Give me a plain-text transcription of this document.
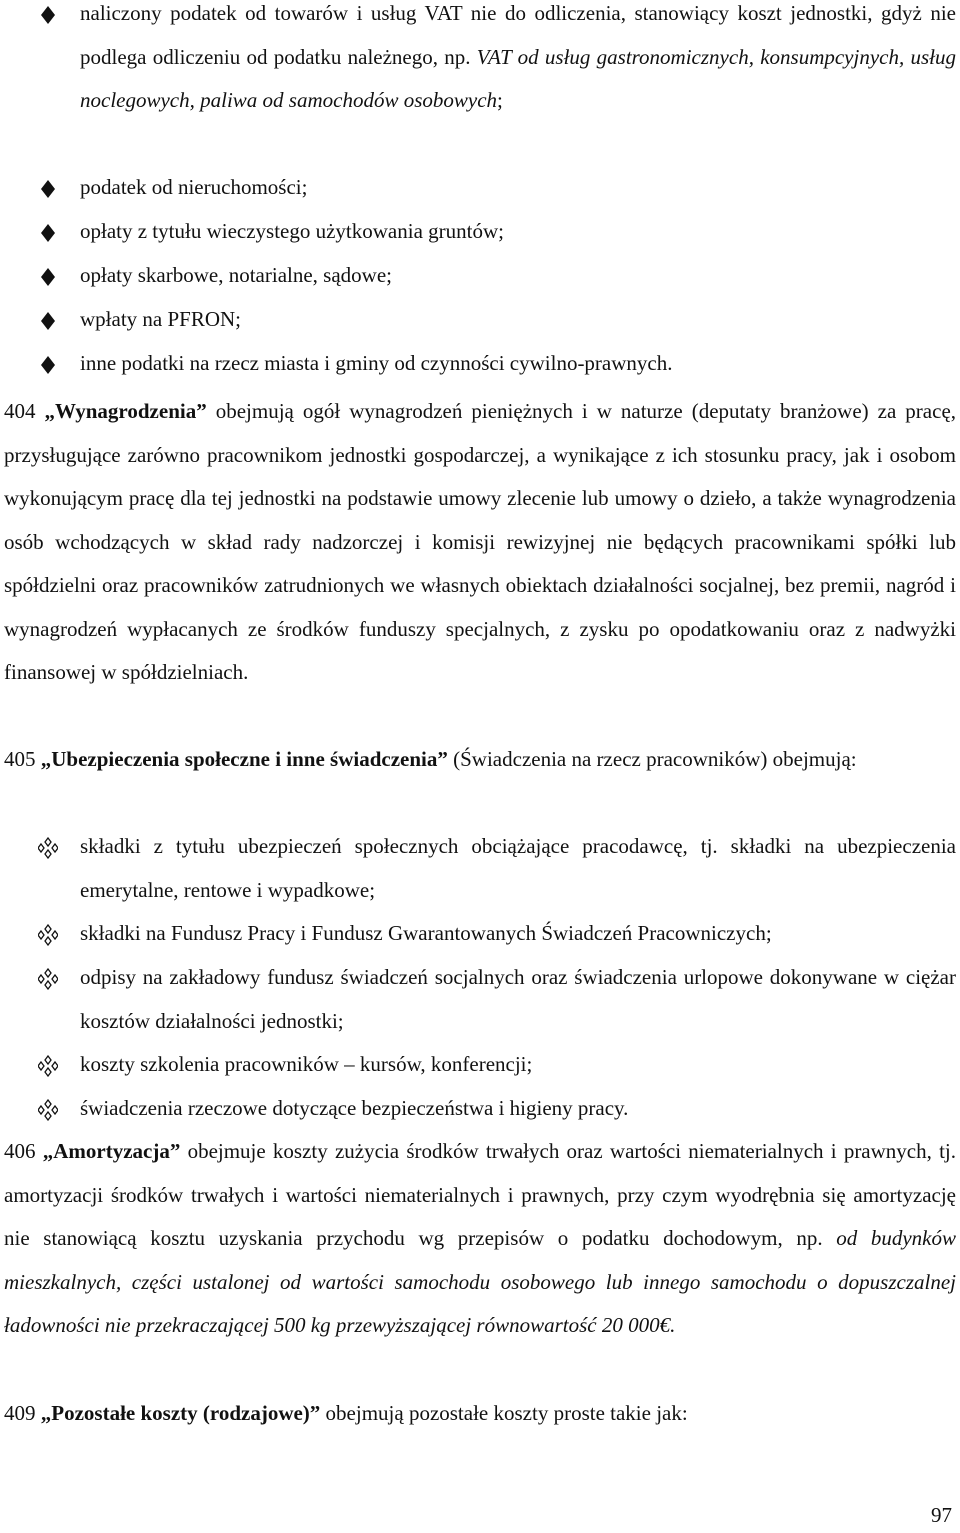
naliczony podatek od towarów i usług VAT nie do odliczenia, stanowiący koszt jednostki, gdyż nie podlega odliczeniu od podatku należnego, np. VAT od usług gastronomicznych, konsumpcyjnych, usług noclegowych, paliwa od samochodów osobowych;

podatek od nieruchomości;

opłaty z tytułu wieczystego użytkowania gruntów;

opłaty skarbowe, notarialne, sądowe;

wpłaty na PFRON;

inne podatki na rzecz miasta i gminy od czynności cywilno-prawnych.

404 „Wynagrodzenia” obejmują ogół wynagrodzeń pieniężnych i w naturze (deputaty branżowe) za pracę, przysługujące zarówno pracownikom jednostki gospodarczej, a wynikające z ich stosunku pracy, jak i osobom wykonującym pracę dla tej jednostki na podstawie umowy zlecenie lub umowy o dzieło, a także wynagrodzenia osób wchodzących w skład rady nadzorczej i komisji rewizyjnej nie będących pracownikami spółki lub spółdzielni oraz pracowników zatrudnionych we własnych obiektach działalności socjalnej, bez premii, nagród i wynagrodzeń wypłacanych ze środków funduszy specjalnych, z zysku po opodatkowaniu oraz z nadwyżki finansowej w spółdzielniach.

405 „Ubezpieczenia społeczne i inne świadczenia” (Świadczenia na rzecz pracowników) obejmują:

składki z tytułu ubezpieczeń społecznych obciążające pracodawcę, tj. składki na ubezpieczenia emerytalne, rentowe i wypadkowe;

składki na Fundusz Pracy i Fundusz Gwarantowanych Świadczeń Pracowniczych;

odpisy na zakładowy fundusz świadczeń socjalnych oraz świadczenia urlopowe dokonywane w ciężar kosztów działalności jednostki;

koszty szkolenia pracowników – kursów, konferencji;

świadczenia rzeczowe dotyczące bezpieczeństwa i higieny pracy.

406 „Amortyzacja” obejmuje koszty zużycia środków trwałych oraz wartości niematerialnych i prawnych, tj. amortyzacji środków trwałych i wartości niematerialnych i prawnych, przy czym wyodrębnia się amortyzację nie stanowiącą kosztu uzyskania przychodu wg przepisów o podatku dochodowym, np. od budynków mieszkalnych, części ustalonej od wartości samochodu osobowego lub innego samochodu o dopuszczalnej ładowności nie przekraczającej 500 kg przewyższającej równowartość 20 000€.

409 „Pozostałe koszty (rodzajowe)” obejmują pozostałe koszty proste takie jak:

97
